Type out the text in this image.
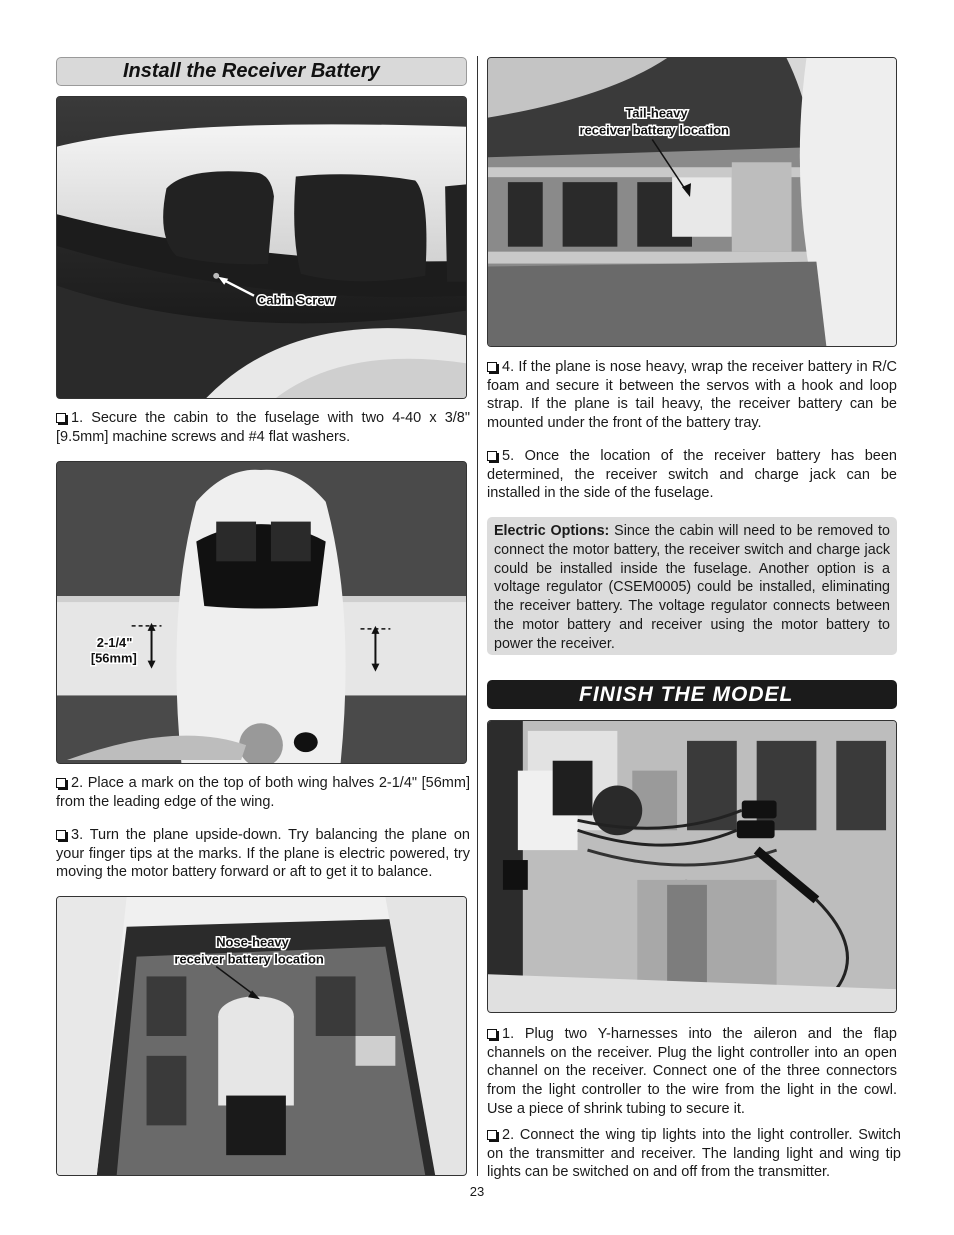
Install the Receiver Battery
Cabin Screw

1. Secure the cabin to the fuselage with two 4-40 x 3/8" [9.5mm] machine screws and #4 flat washers.

2-1/4"
[56mm]

2. Place a mark on the top of both wing halves 2-1/4" [56mm] from the leading edge of the wing.

3. Turn the plane upside-down. Try balancing the plane on your finger tips at the marks. If the plane is electric powered, try moving the motor battery forward or aft to get it to balance.

Nose-heavy
receiver battery location
Tail-heavy
receiver battery location

4. If the plane is nose heavy, wrap the receiver battery in R/C foam and secure it between the servos with a hook and loop strap. If the plane is tail heavy, the receiver battery can be mounted under the front of the battery tray.

5. Once the location of the receiver battery has been determined, the receiver switch and charge jack can be installed in the side of the fuselage.

Electric Options: Since the cabin will need to be removed to connect the motor battery, the receiver switch and charge jack could be installed inside the fuselage. Another option is a voltage regulator (CSEM0005) could be installed, eliminating the receiver battery. The voltage regulator connects between the motor battery and receiver using the motor battery to power the receiver.
FINISH THE MODEL

1. Plug two Y-harnesses into the aileron and the flap channels on the receiver. Plug the light controller into an open channel on the receiver. Connect one of the three connectors from the light controller to the wire from the light in the cowl. Use a piece of shrink tubing to secure it.

2. Connect the wing tip lights into the light controller. Switch on the transmitter and receiver. The landing light and wing tip lights can be switched on and off from the transmitter.

23
